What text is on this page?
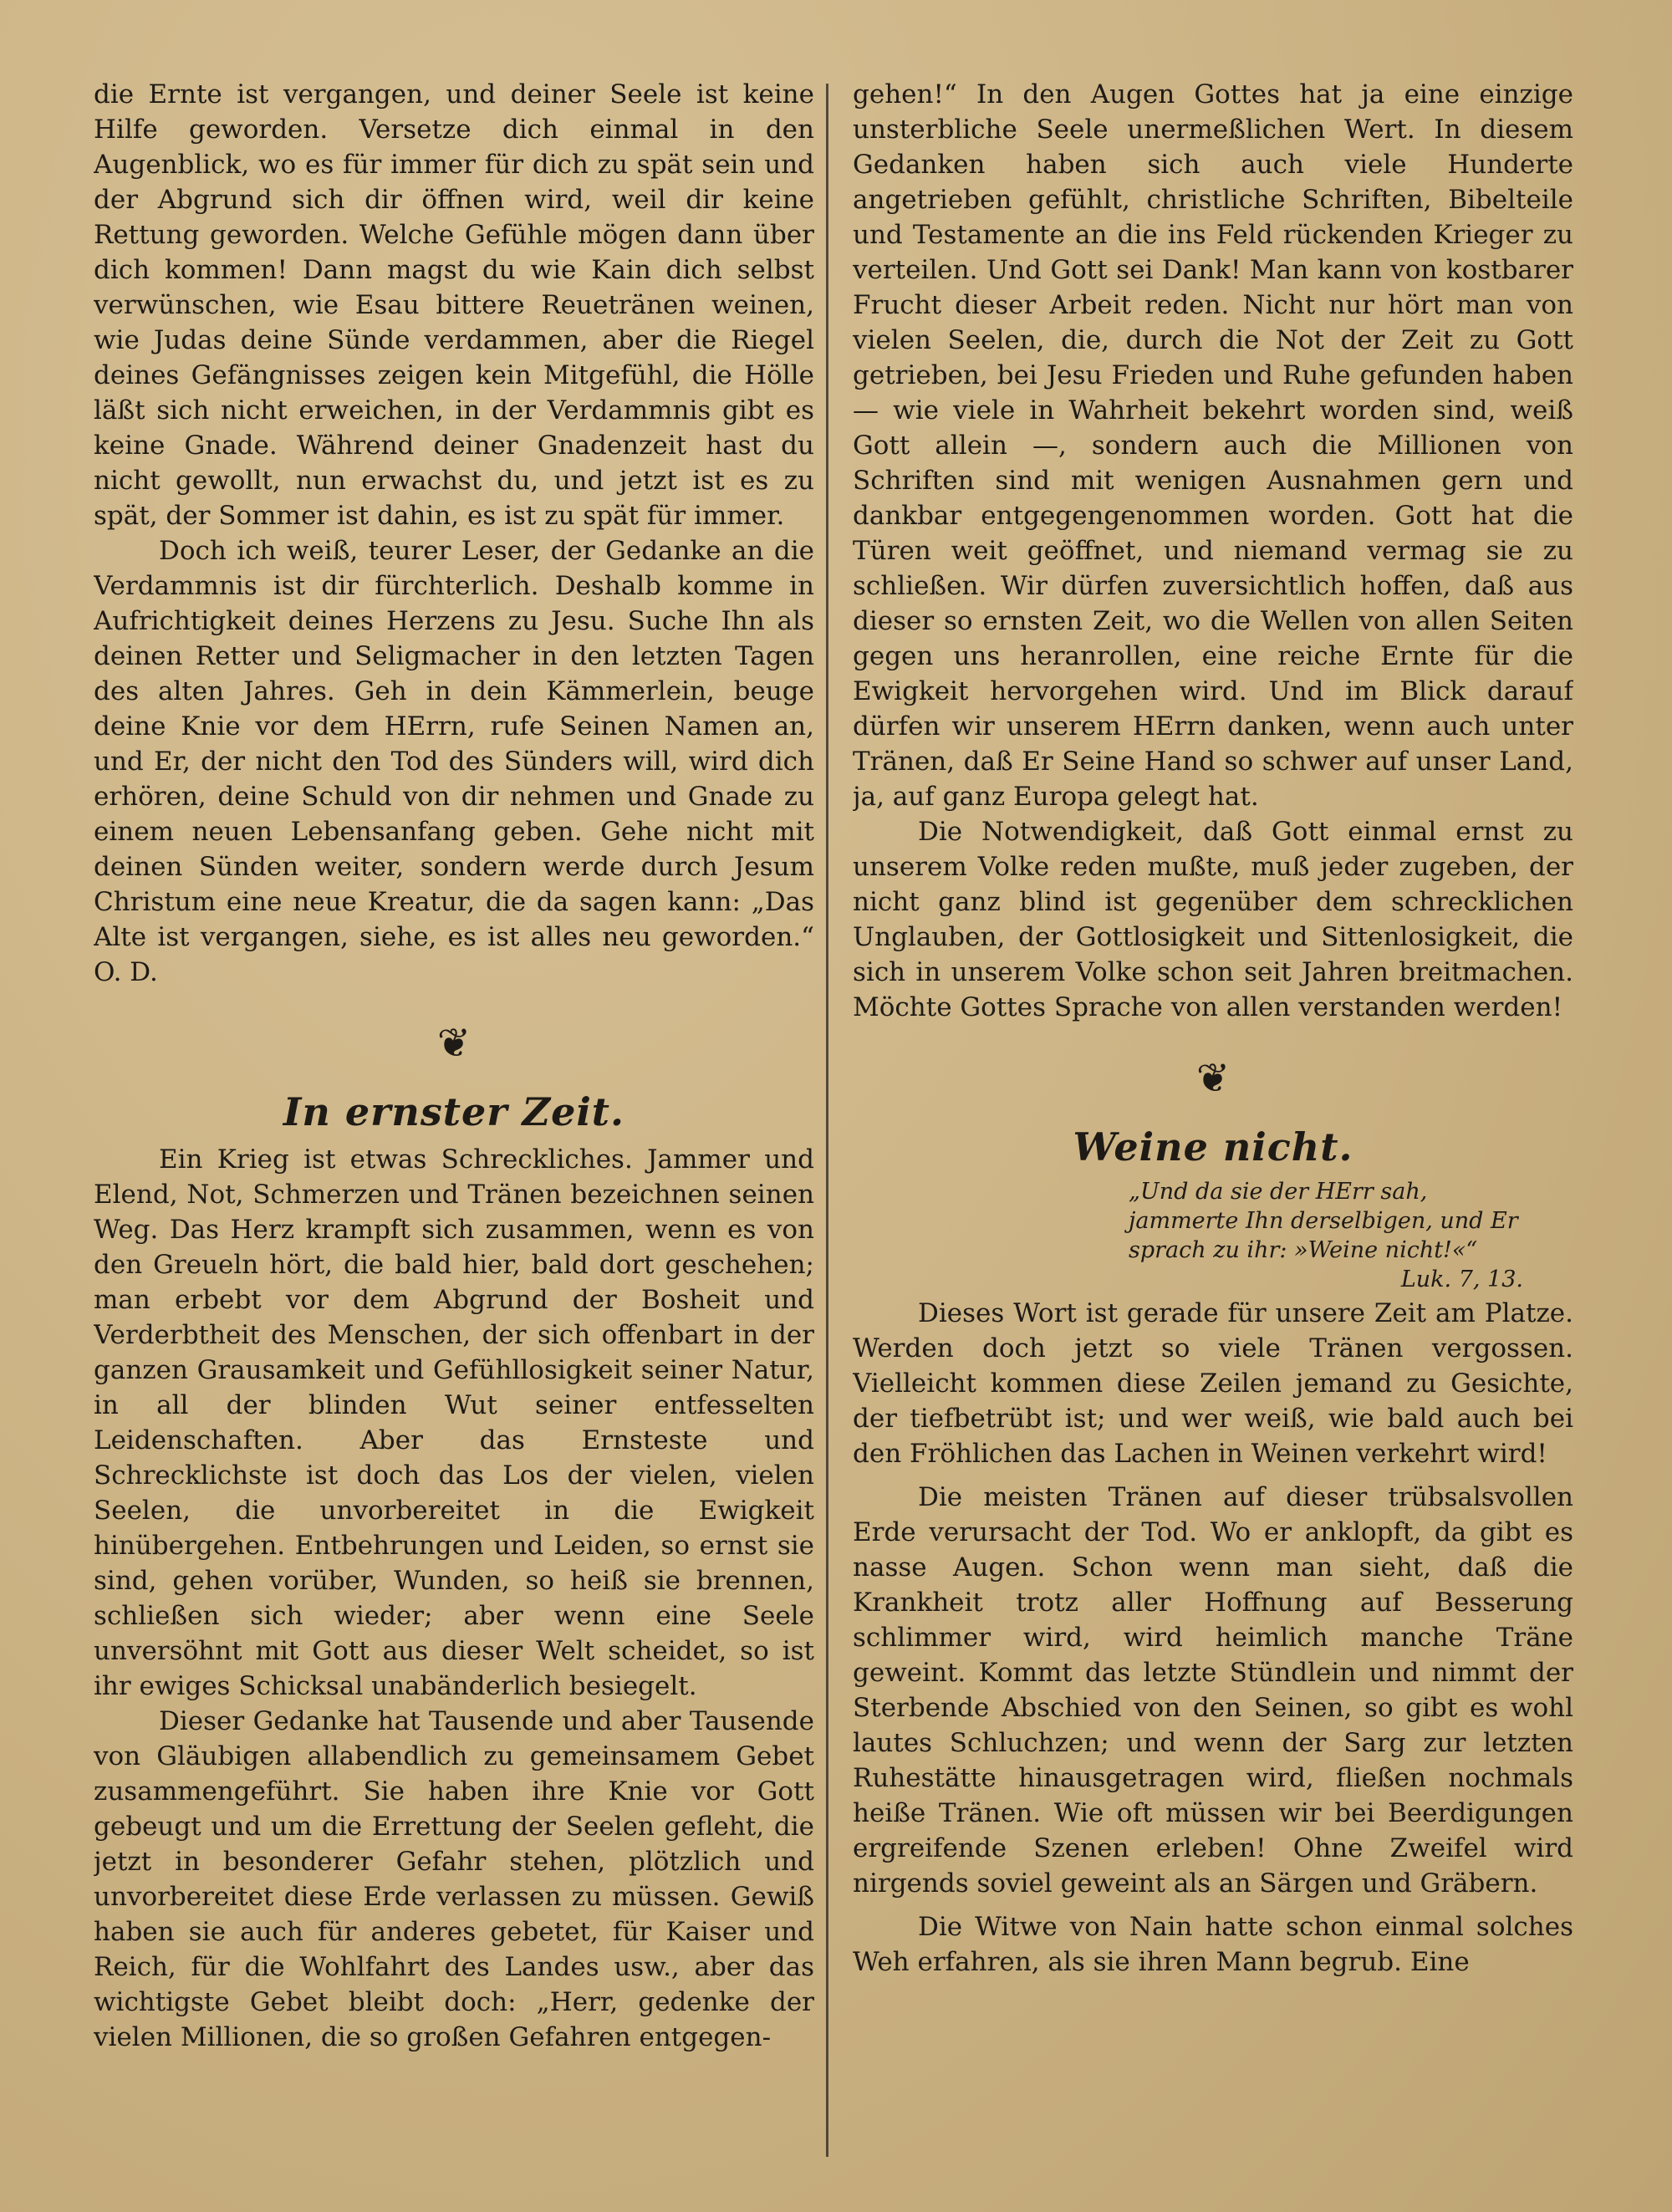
die Ernte ist vergangen, und deiner Seele ist keine Hilfe geworden. Versetze dich einmal in den Augenblick, wo es für immer für dich zu spät sein und der Abgrund sich dir öffnen wird, weil dir keine Rettung geworden. Welche Gefühle mögen dann über dich kommen! Dann magst du wie Kain dich selbst verwünschen, wie Esau bittere Reuetränen weinen, wie Judas deine Sünde verdammen, aber die Riegel deines Gefängnisses zeigen kein Mitgefühl, die Hölle läßt sich nicht erweichen, in der Verdammnis gibt es keine Gnade. Während deiner Gnadenzeit hast du nicht gewollt, nun erwachst du, und jetzt ist es zu spät, der Sommer ist dahin, es ist zu spät für immer.

Doch ich weiß, teurer Leser, der Gedanke an die Verdammnis ist dir fürchterlich. Deshalb komme in Aufrichtigkeit deines Herzens zu Jesu. Suche Ihn als deinen Retter und Seligmacher in den letzten Tagen des alten Jahres. Geh in dein Kämmerlein, beuge deine Knie vor dem HErrn, rufe Seinen Namen an, und Er, der nicht den Tod des Sünders will, wird dich erhören, deine Schuld von dir nehmen und Gnade zu einem neuen Lebensanfang geben. Gehe nicht mit deinen Sünden weiter, sondern werde durch Jesum Christum eine neue Kreatur, die da sagen kann: „Das Alte ist vergangen, siehe, es ist alles neu geworden.“ O. D.

❦
In ernster Zeit.

Ein Krieg ist etwas Schreckliches. Jammer und Elend, Not, Schmerzen und Tränen bezeichnen seinen Weg. Das Herz krampft sich zusammen, wenn es von den Greueln hört, die bald hier, bald dort geschehen; man erbebt vor dem Abgrund der Bosheit und Verderbtheit des Menschen, der sich offenbart in der ganzen Grausamkeit und Gefühllosigkeit seiner Natur, in all der blinden Wut seiner entfesselten Leidenschaften. Aber das Ernsteste und Schrecklichste ist doch das Los der vielen, vielen Seelen, die unvorbereitet in die Ewigkeit hinübergehen. Entbehrungen und Leiden, so ernst sie sind, gehen vorüber, Wunden, so heiß sie brennen, schließen sich wieder; aber wenn eine Seele unversöhnt mit Gott aus dieser Welt scheidet, so ist ihr ewiges Schicksal unabänderlich besiegelt.

Dieser Gedanke hat Tausende und aber Tausende von Gläubigen allabendlich zu gemeinsamem Gebet zusammengeführt. Sie haben ihre Knie vor Gott gebeugt und um die Errettung der Seelen gefleht, die jetzt in besonderer Gefahr stehen, plötzlich und unvorbereitet diese Erde verlassen zu müssen. Gewiß haben sie auch für anderes gebetet, für Kaiser und Reich, für die Wohlfahrt des Landes usw., aber das wichtigste Gebet bleibt doch: „Herr, gedenke der vielen Millionen, die so großen Gefahren entgegen-

gehen!“ In den Augen Gottes hat ja eine einzige unsterbliche Seele unermeßlichen Wert. In diesem Gedanken haben sich auch viele Hunderte angetrieben gefühlt, christliche Schriften, Bibelteile und Testamente an die ins Feld rückenden Krieger zu verteilen. Und Gott sei Dank! Man kann von kostbarer Frucht dieser Arbeit reden. Nicht nur hört man von vielen Seelen, die, durch die Not der Zeit zu Gott getrieben, bei Jesu Frieden und Ruhe gefunden haben — wie viele in Wahrheit bekehrt worden sind, weiß Gott allein —, sondern auch die Millionen von Schriften sind mit wenigen Ausnahmen gern und dankbar entgegengenommen worden. Gott hat die Türen weit geöffnet, und niemand vermag sie zu schließen. Wir dürfen zuversichtlich hoffen, daß aus dieser so ernsten Zeit, wo die Wellen von allen Seiten gegen uns heranrollen, eine reiche Ernte für die Ewigkeit hervorgehen wird. Und im Blick darauf dürfen wir unserem HErrn danken, wenn auch unter Tränen, daß Er Seine Hand so schwer auf unser Land, ja, auf ganz Europa gelegt hat.

Die Notwendigkeit, daß Gott einmal ernst zu unserem Volke reden mußte, muß jeder zugeben, der nicht ganz blind ist gegenüber dem schrecklichen Unglauben, der Gottlosigkeit und Sittenlosigkeit, die sich in unserem Volke schon seit Jahren breitmachen. Möchte Gottes Sprache von allen verstanden werden!

❦
Weine nicht.
„Und da sie der HErr sah,
jammerte Ihn derselbigen, und Er
sprach zu ihr: »Weine nicht!«“
Luk. 7, 13.

Dieses Wort ist gerade für unsere Zeit am Platze. Werden doch jetzt so viele Tränen vergossen. Vielleicht kommen diese Zeilen jemand zu Gesichte, der tiefbetrübt ist; und wer weiß, wie bald auch bei den Fröhlichen das Lachen in Weinen verkehrt wird!

Die meisten Tränen auf dieser trübsalsvollen Erde verursacht der Tod. Wo er anklopft, da gibt es nasse Augen. Schon wenn man sieht, daß die Krankheit trotz aller Hoffnung auf Besserung schlimmer wird, wird heimlich manche Träne geweint. Kommt das letzte Stündlein und nimmt der Sterbende Abschied von den Seinen, so gibt es wohl lautes Schluchzen; und wenn der Sarg zur letzten Ruhestätte hinausgetragen wird, fließen nochmals heiße Tränen. Wie oft müssen wir bei Beerdigungen ergreifende Szenen erleben! Ohne Zweifel wird nirgends soviel geweint als an Särgen und Gräbern.

Die Witwe von Nain hatte schon einmal solches Weh erfahren, als sie ihren Mann begrub. Eine
